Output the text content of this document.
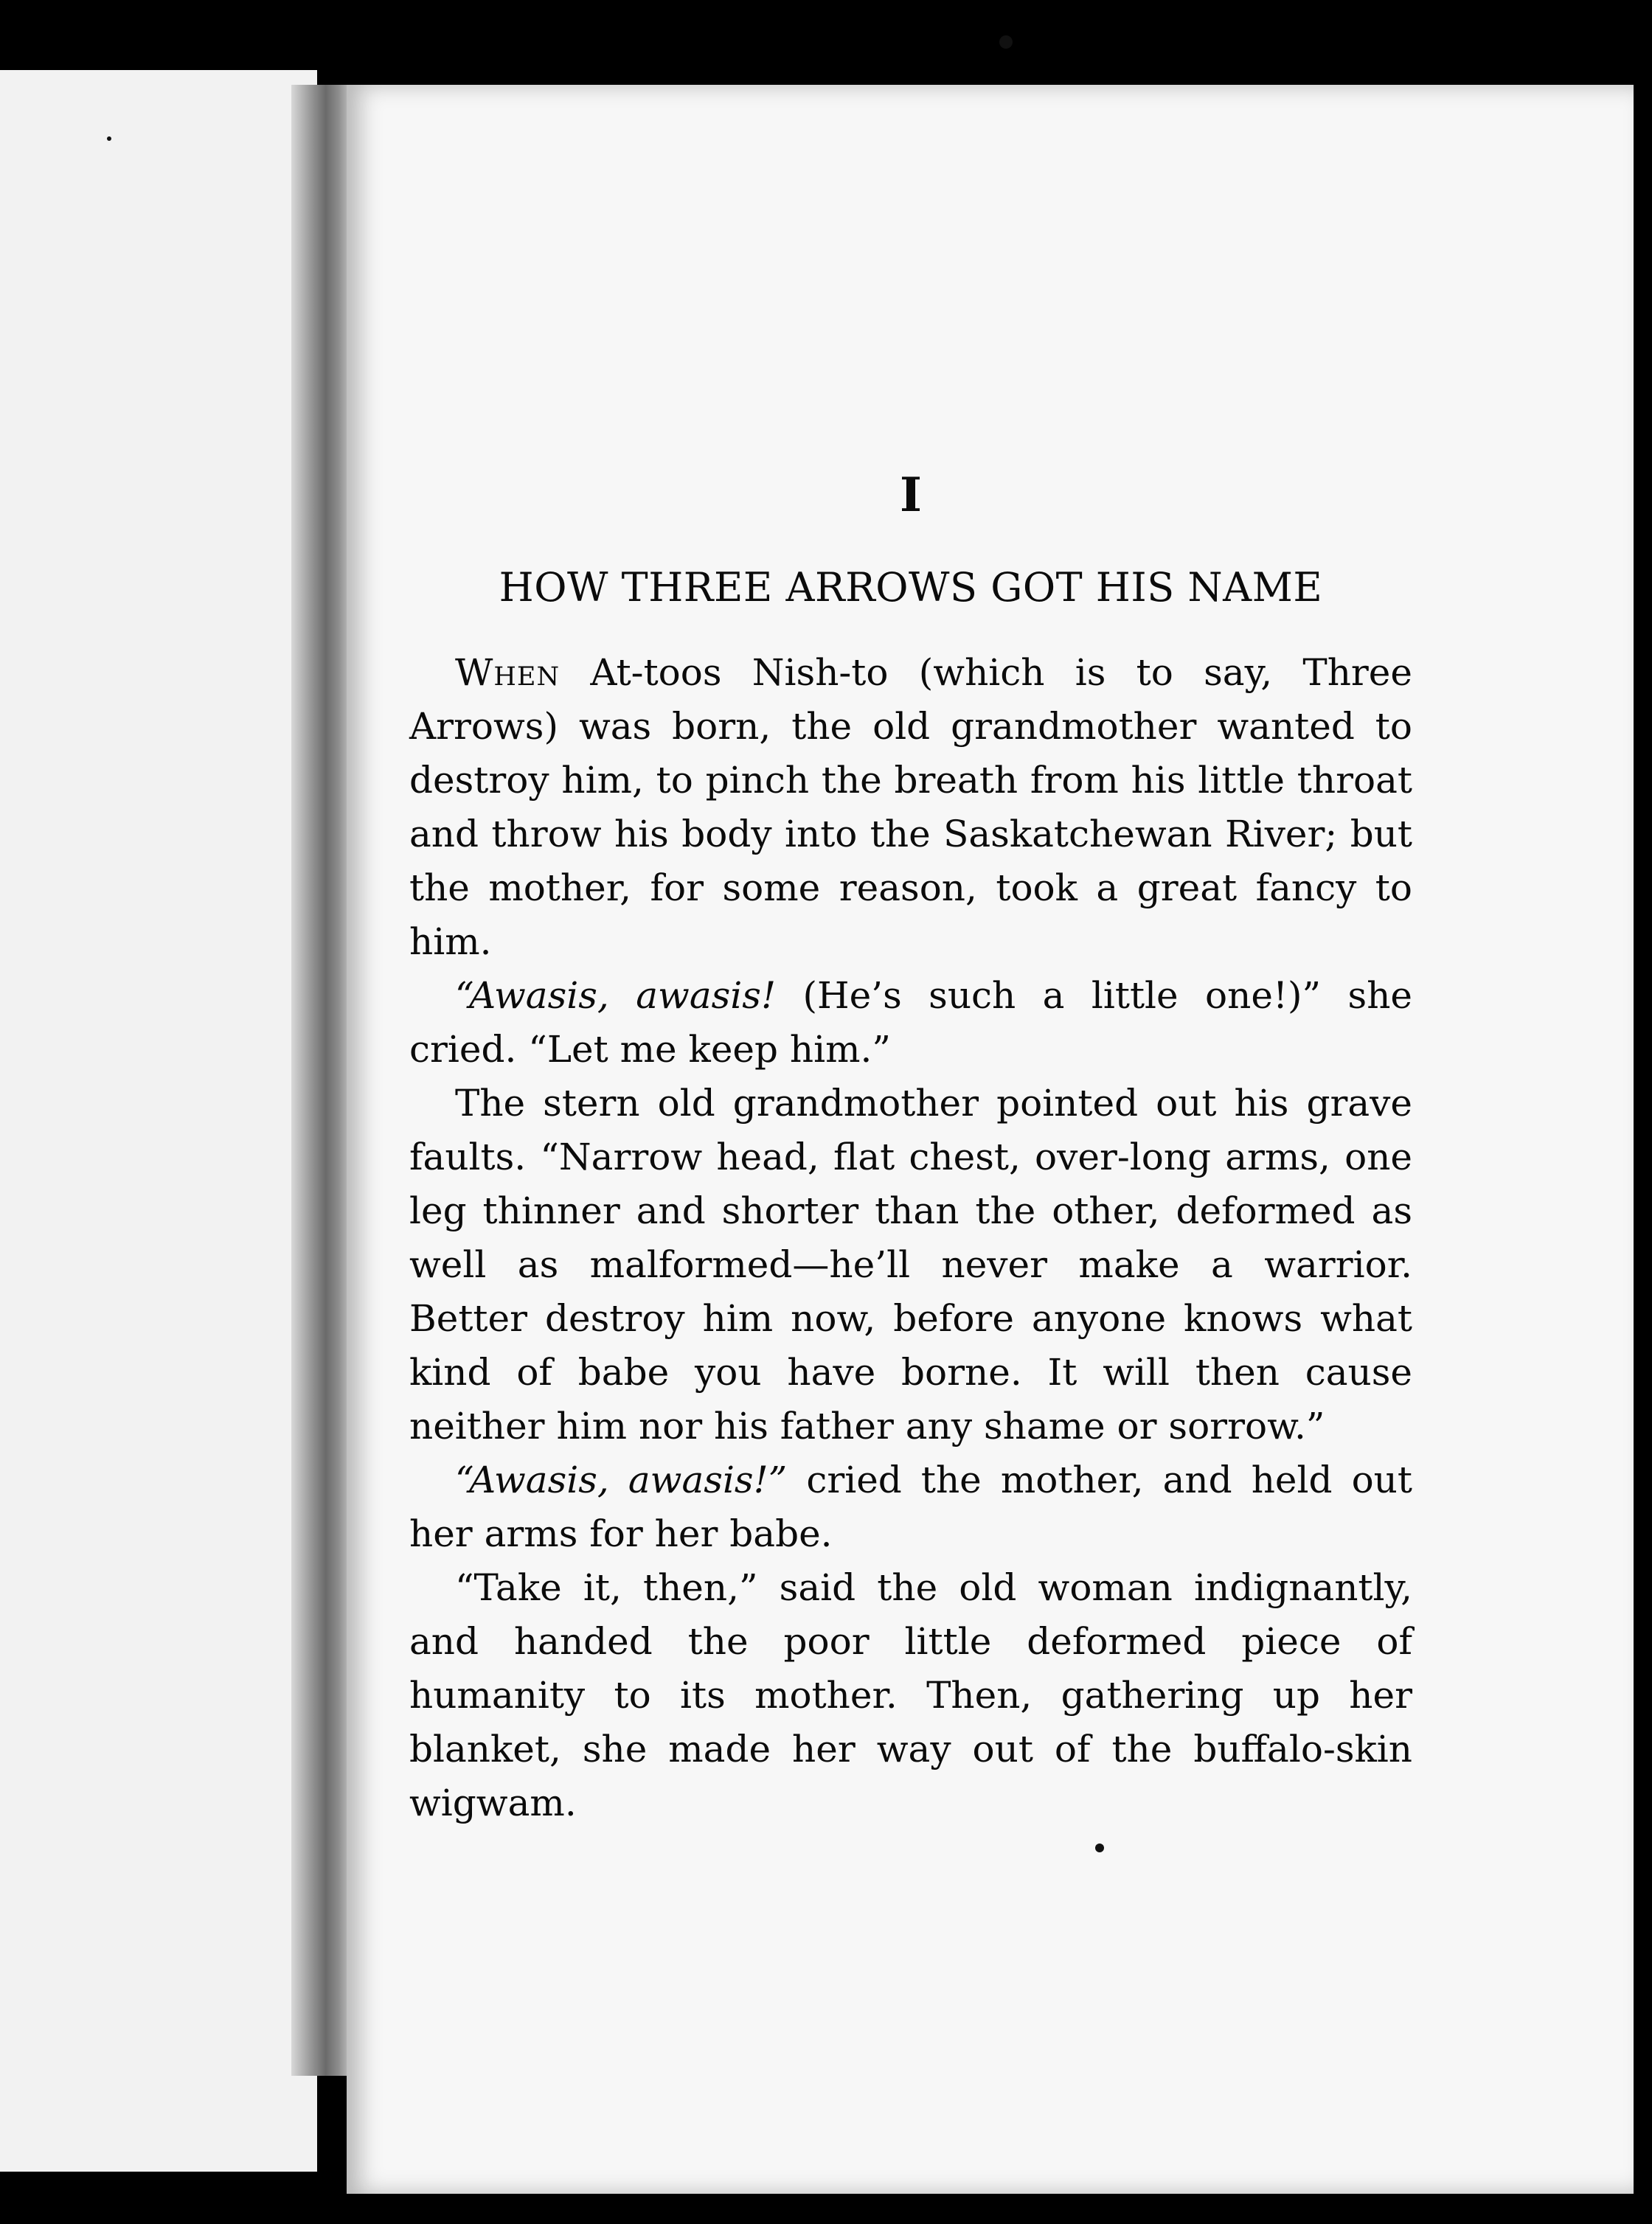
I
HOW THREE ARROWS GOT HIS NAME

When At-toos Nish-to (which is to say, Three Arrows) was born, the old grandmother wanted to destroy him, to pinch the breath from his little throat and throw his body into the Saskatchewan River; but the mother, for some reason, took a great fancy to him.

“Awasis, awasis! (He’s such a little one!)” she cried. “Let me keep him.”

The stern old grandmother pointed out his grave faults. “Narrow head, flat chest, over-long arms, one leg thinner and shorter than the other, deformed as well as malformed—he’ll never make a warrior. Better destroy him now, before anyone knows what kind of babe you have borne. It will then cause neither him nor his father any shame or sorrow.”

“Awasis, awasis!” cried the mother, and held out her arms for her babe.

“Take it, then,” said the old woman indignantly, and handed the poor little deformed piece of humanity to its mother. Then, gathering up her blanket, she made her way out of the buffalo-skin wigwam.
